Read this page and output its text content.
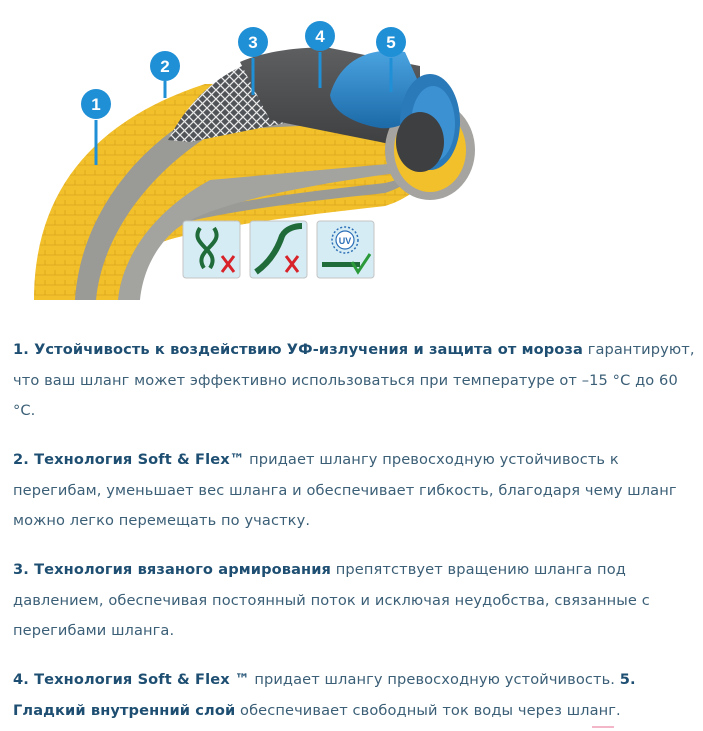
1
2
3	4	5
UV

1. Устойчивость к воздействию УФ-излучения и защита от мороза гарантируют, что ваш шланг может эффективно использоваться при температуре от –15 °С до 60 °С.

2. Технология Soft & Flex™ придает шлангу превосходную устойчивость к перегибам, уменьшает вес шланга и обеспечивает гибкость, благодаря чему шланг можно легко перемещать по участку.

3. Технология вязаного армирования препятствует вращению шланга под давлением, обеспечивая постоянный поток и исключая неудобства, связанные с перегибами шланга.

4. Технология Soft & Flex ™ придает шлангу превосходную устойчивость. 5. Гладкий внутренний слой обеспечивает свободный ток воды через шланг.
